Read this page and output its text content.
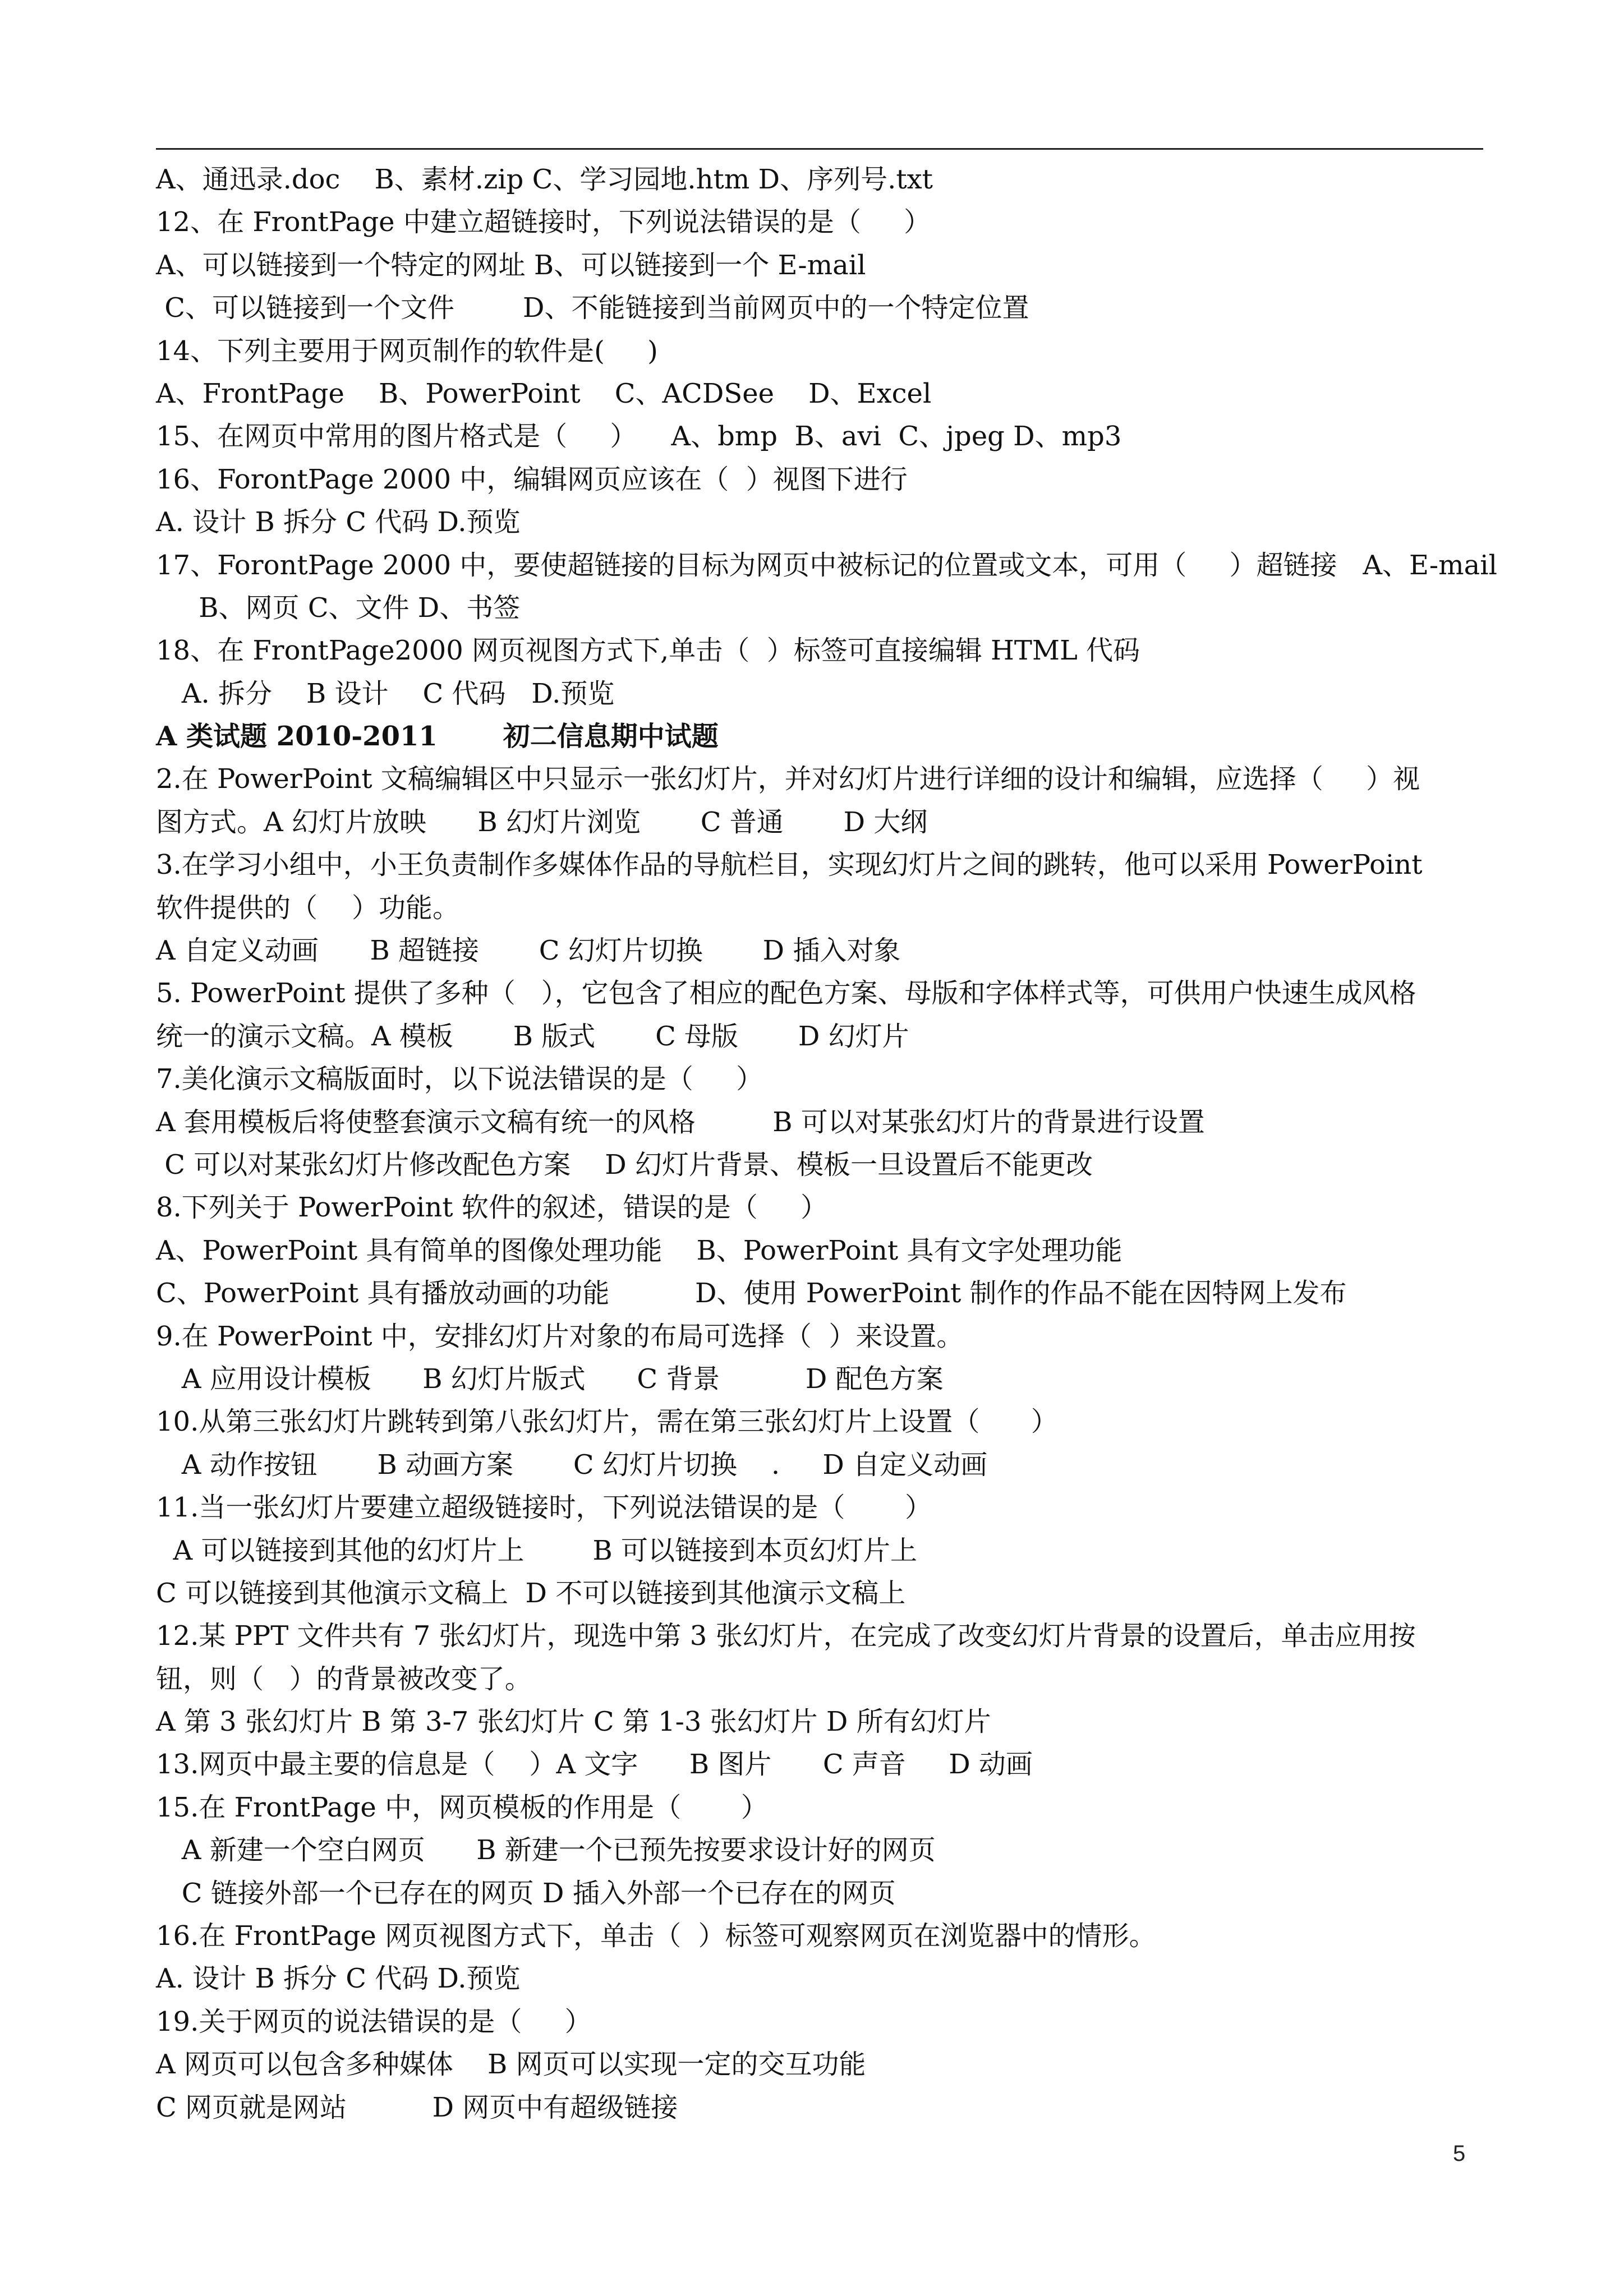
A、通迅录.doc    B、素材.zip C、学习园地.htm D、序列号.txt
12、在 FrontPage 中建立超链接时，下列说法错误的是（     ）
A、可以链接到一个特定的网址 B、可以链接到一个 E-mail
C、可以链接到一个文件        D、不能链接到当前网页中的一个特定位置
14、下列主要用于网页制作的软件是(     )
A、FrontPage    B、PowerPoint    C、ACDSee    D、Excel
15、在网页中常用的图片格式是（     ）    A、bmp  B、avi  C、jpeg D、mp3
16、ForontPage 2000 中，编辑网页应该在（  ）视图下进行
A. 设计 B 拆分 C 代码 D.预览
17、ForontPage 2000 中，要使超链接的目标为网页中被标记的位置或文本，可用（     ）超链接   A、E-mail
B、网页 C、文件 D、书签
18、在 FrontPage2000 网页视图方式下,单击（  ）标签可直接编辑 HTML 代码
A. 拆分    B 设计    C 代码   D.预览
A 类试题 2010-2011       初二信息期中试题
2.在 PowerPoint 文稿编辑区中只显示一张幻灯片，并对幻灯片进行详细的设计和编辑，应选择（     ）视
图方式。A 幻灯片放映      B 幻灯片浏览       C 普通       D 大纲
3.在学习小组中，小王负责制作多媒体作品的导航栏目，实现幻灯片之间的跳转，他可以采用 PowerPoint
软件提供的（    ）功能。
A 自定义动画      B 超链接       C 幻灯片切换       D 插入对象
5. PowerPoint 提供了多种（   ），它包含了相应的配色方案、母版和字体样式等，可供用户快速生成风格
统一的演示文稿。A 模板       B 版式       C 母版       D 幻灯片
7.美化演示文稿版面时，以下说法错误的是（     ）
A 套用模板后将使整套演示文稿有统一的风格         B 可以对某张幻灯片的背景进行设置
C 可以对某张幻灯片修改配色方案    D 幻灯片背景、模板一旦设置后不能更改
8.下列关于 PowerPoint 软件的叙述，错误的是（     ）
A、PowerPoint 具有简单的图像处理功能    B、PowerPoint 具有文字处理功能
C、PowerPoint 具有播放动画的功能          D、使用 PowerPoint 制作的作品不能在因特网上发布
9.在 PowerPoint 中，安排幻灯片对象的布局可选择（  ）来设置。
A 应用设计模板      B 幻灯片版式      C 背景          D 配色方案
10.从第三张幻灯片跳转到第八张幻灯片，需在第三张幻灯片上设置（      ）
A 动作按钮       B 动画方案       C 幻灯片切换    .     D 自定义动画
11.当一张幻灯片要建立超级链接时，下列说法错误的是（       ）
A 可以链接到其他的幻灯片上        B 可以链接到本页幻灯片上
C 可以链接到其他演示文稿上  D 不可以链接到其他演示文稿上
12.某 PPT 文件共有 7 张幻灯片，现选中第 3 张幻灯片，在完成了改变幻灯片背景的设置后，单击应用按
钮，则（   ）的背景被改变了。
A 第 3 张幻灯片 B 第 3-7 张幻灯片 C 第 1-3 张幻灯片 D 所有幻灯片
13.网页中最主要的信息是（    ）A 文字      B 图片      C 声音     D 动画
15.在 FrontPage 中，网页模板的作用是（       ）
A 新建一个空白网页      B 新建一个已预先按要求设计好的网页
C 链接外部一个已存在的网页 D 插入外部一个已存在的网页
16.在 FrontPage 网页视图方式下，单击（  ）标签可观察网页在浏览器中的情形。
A. 设计 B 拆分 C 代码 D.预览
19.关于网页的说法错误的是（     ）
A 网页可以包含多种媒体    B 网页可以实现一定的交互功能
C 网页就是网站          D 网页中有超级链接
5
